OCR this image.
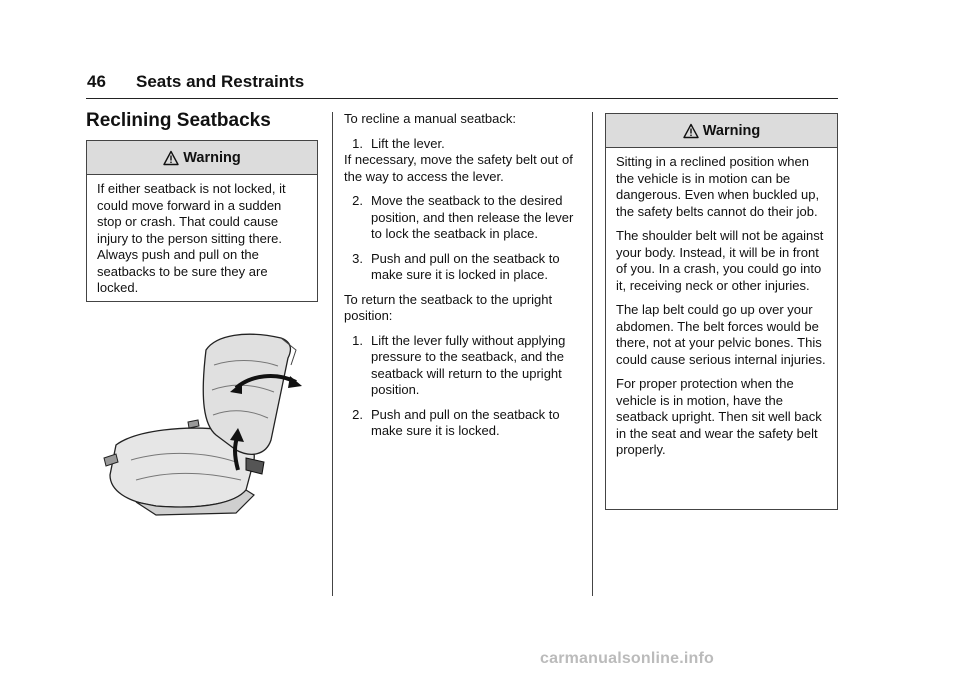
46 Seats and Restraints
Reclining Seatbacks
Warning

If either seatback is not locked, it could move forward in a sudden stop or crash. That could cause injury to the person sitting there. Always push and pull on the seatbacks to be sure they are locked.

To recline a manual seatback:

1. Lift the lever.

If necessary, move the safety belt out of the way to access the lever.

2. Move the seatback to the desired position, and then release the lever to lock the seatback in place.
3. Push and pull on the seatback to make sure it is locked in place.

To return the seatback to the upright position:

1. Lift the lever fully without applying pressure to the seatback, and the seatback will return to the upright position.
2. Push and pull on the seatback to make sure it is locked.
Warning

Sitting in a reclined position when the vehicle is in motion can be dangerous. Even when buckled up, the safety belts cannot do their job.

The shoulder belt will not be against your body. Instead, it will be in front of you. In a crash, you could go into it, receiving neck or other injuries.

The lap belt could go up over your abdomen. The belt forces would be there, not at your pelvic bones. This could cause serious internal injuries.

For proper protection when the vehicle is in motion, have the seatback upright. Then sit well back in the seat and wear the safety belt properly.

carmanualsonline.info
